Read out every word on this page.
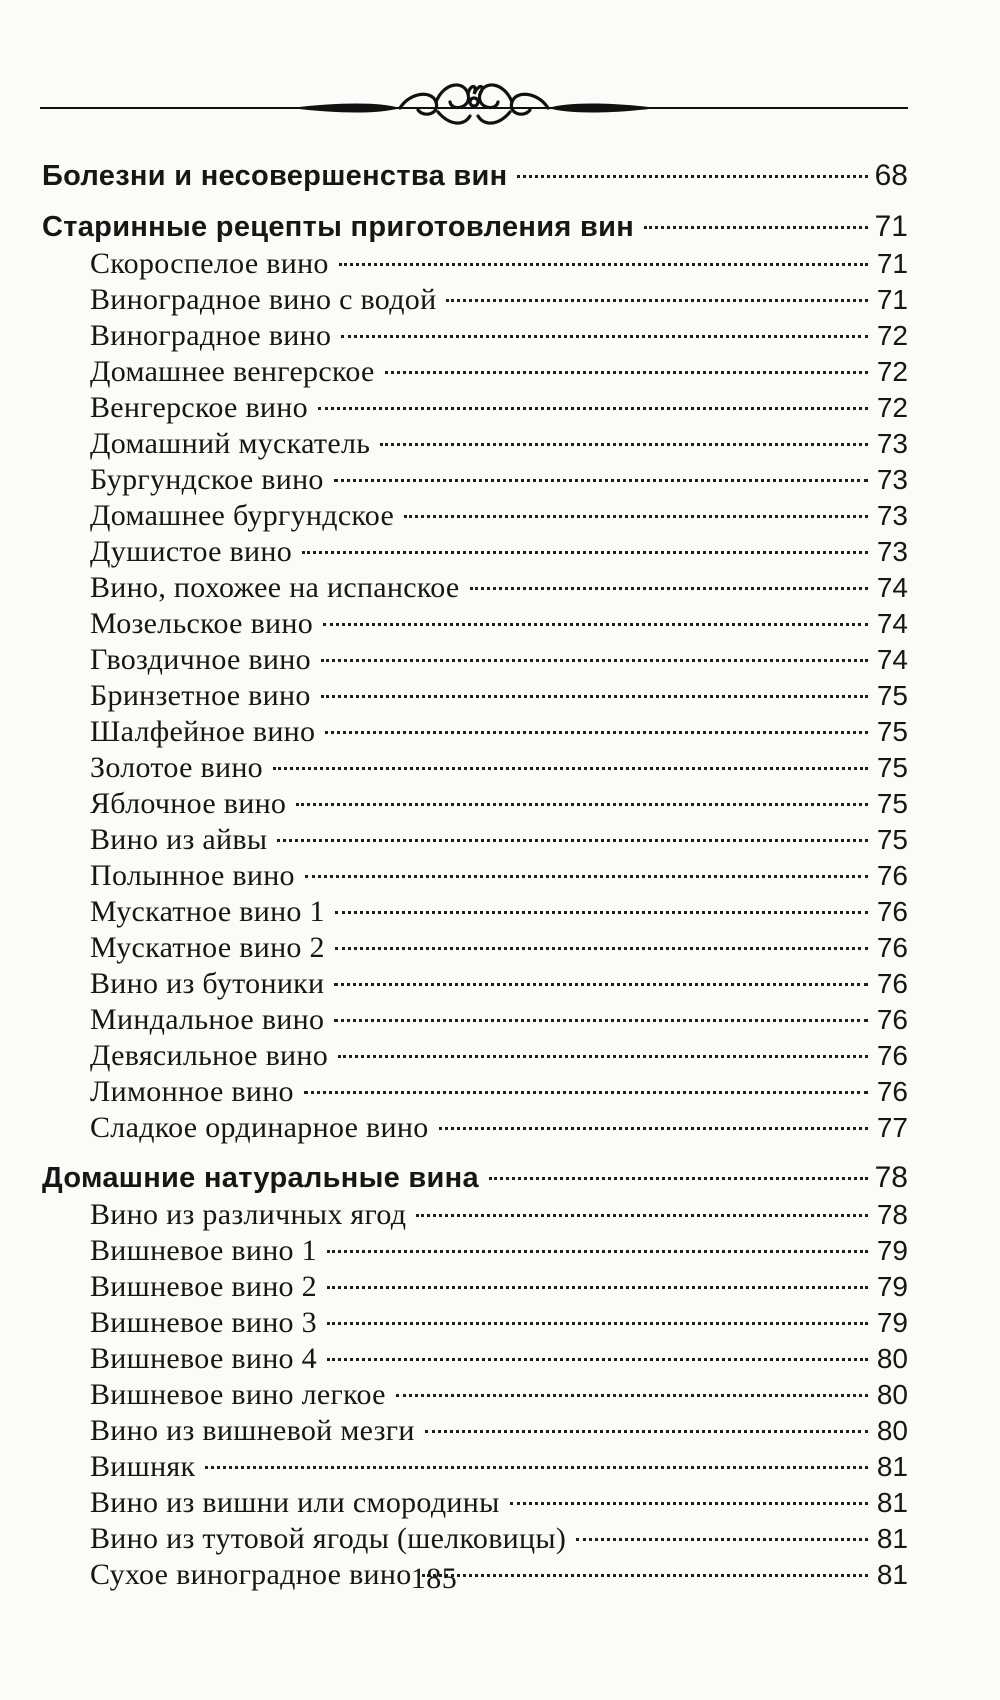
Болезни и несовершенства вин	68
Старинные рецепты приготовления вин	71
Скороспелое вино	71
Виноградное вино с водой	71
Виноградное вино	72
Домашнее венгерское	72
Венгерское вино	72
Домашний мускатель	73
Бургундское вино	73
Домашнее бургундское	73
Душистое вино	73
Вино, похожее на испанское	74
Мозельское вино	74
Гвоздичное вино	74
Бринзетное вино	75
Шалфейное вино	75
Золотое вино	75
Яблочное вино	75
Вино из айвы	75
Полынное вино	76
Мускатное вино 1	76
Мускатное вино 2	76
Вино из бутоники	76
Миндальное вино	76
Девясильное вино	76
Лимонное вино	76
Сладкое ординарное вино	77
Домашние натуральные вина	78
Вино из различных ягод	78
Вишневое вино 1	79
Вишневое вино 2	79
Вишневое вино 3	79
Вишневое вино 4	80
Вишневое вино легкое	80
Вино из вишневой мезги	80
Вишняк	81
Вино из вишни или смородины	81
Вино из тутовой ягоды (шелковицы)	81
Сухое виноградное вино	81
185
